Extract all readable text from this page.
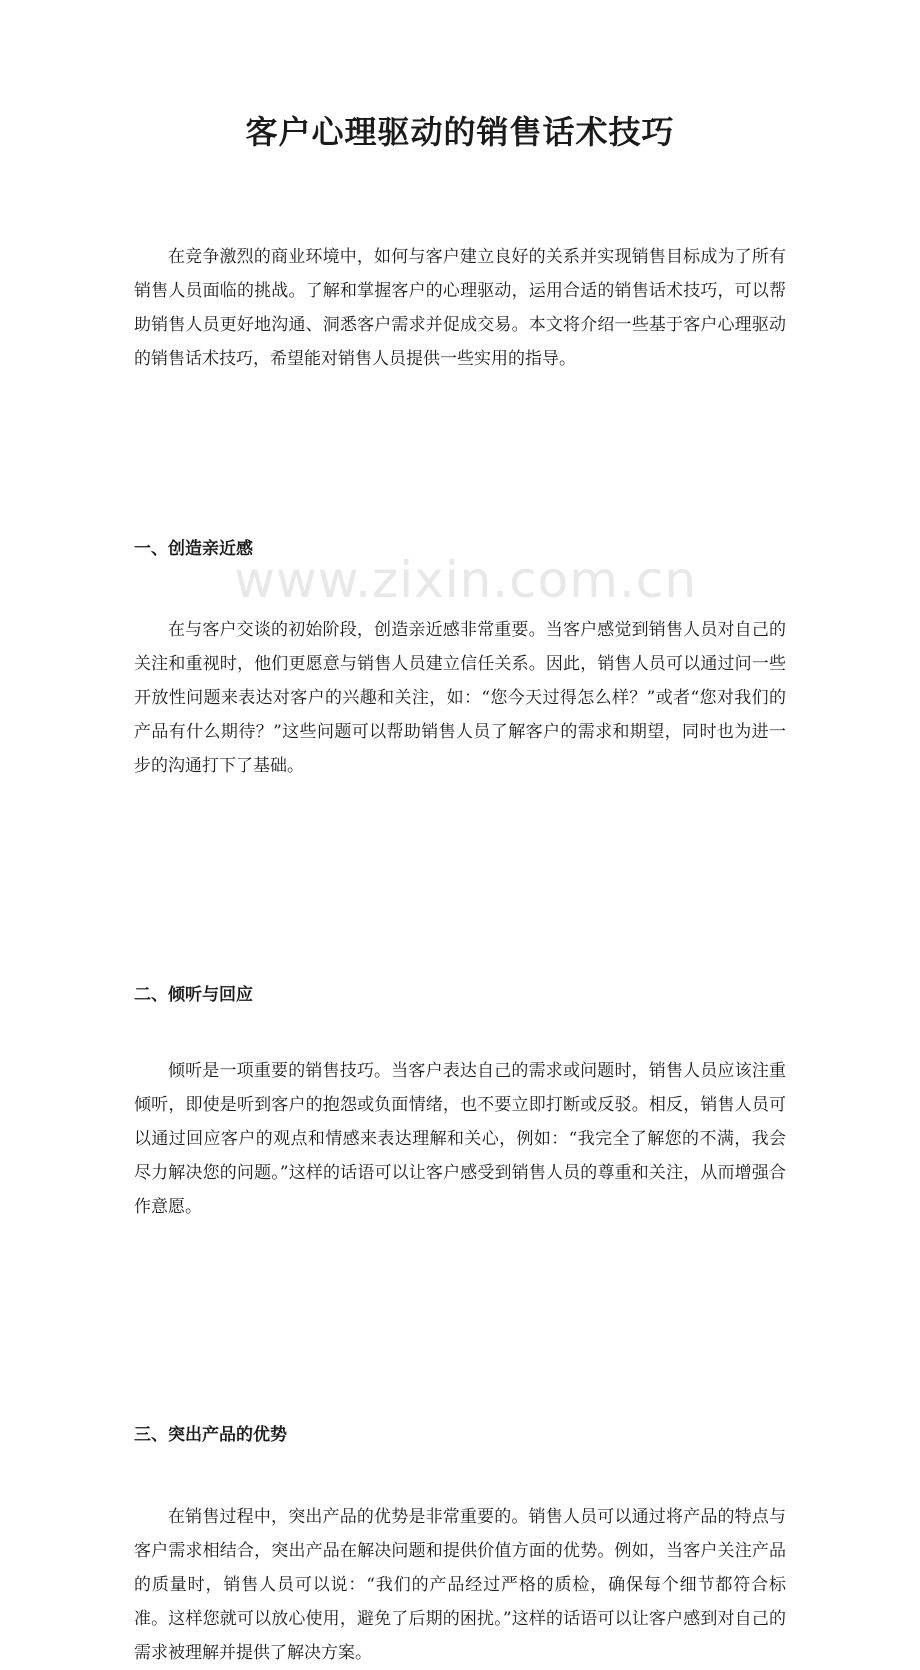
www.zixin.com.cn
客户心理驱动的销售话术技巧

在竞争激烈的商业环境中，如何与客户建立良好的关系并实现销售目标成为了所有销售人员面临的挑战。了解和掌握客户的心理驱动，运用合适的销售话术技巧，可以帮助销售人员更好地沟通、洞悉客户需求并促成交易。本文将介绍一些基于客户心理驱动的销售话术技巧，希望能对销售人员提供一些实用的指导。

一、创造亲近感

在与客户交谈的初始阶段，创造亲近感非常重要。当客户感觉到销售人员对自己的关注和重视时，他们更愿意与销售人员建立信任关系。因此，销售人员可以通过问一些开放性问题来表达对客户的兴趣和关注，如：“您今天过得怎么样？”或者“您对我们的产品有什么期待？”这些问题可以帮助销售人员了解客户的需求和期望，同时也为进一步的沟通打下了基础。

二、倾听与回应

倾听是一项重要的销售技巧。当客户表达自己的需求或问题时，销售人员应该注重倾听，即使是听到客户的抱怨或负面情绪，也不要立即打断或反驳。相反，销售人员可以通过回应客户的观点和情感来表达理解和关心，例如：“我完全了解您的不满，我会尽力解决您的问题。”这样的话语可以让客户感受到销售人员的尊重和关注，从而增强合作意愿。

三、突出产品的优势

在销售过程中，突出产品的优势是非常重要的。销售人员可以通过将产品的特点与客户需求相结合，突出产品在解决问题和提供价值方面的优势。例如，当客户关注产品的质量时，销售人员可以说：“我们的产品经过严格的质检，确保每个细节都符合标准。这样您就可以放心使用，避免了后期的困扰。”这样的话语可以让客户感到对自己的需求被理解并提供了解决方案。
